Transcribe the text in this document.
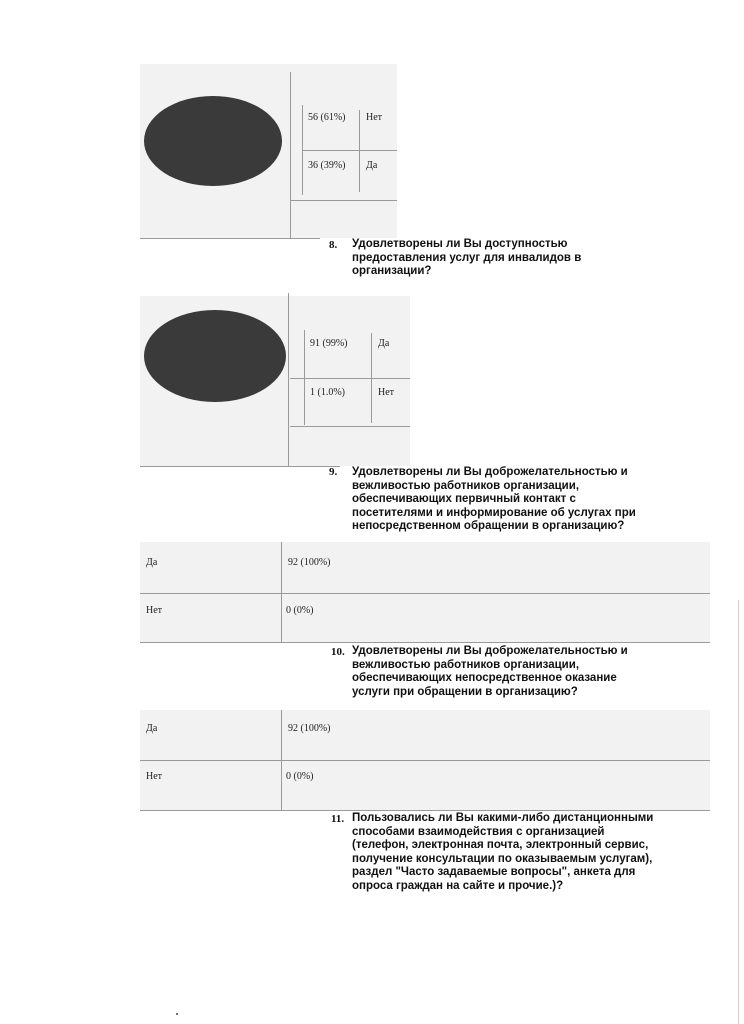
56 (61%) Нет
36 (39%) Да
8. Удовлетворены ли Вы доступностью
предоставления услуг для инвалидов в
организации?
91 (99%)	Да
1 (1.0%)	Нет
9. Удовлетворены ли Вы доброжелательностью и
вежливостью работников организации,
обеспечивающих первичный контакт с
посетителями и информирование об услугах при
непосредственном обращении в организацию?
Да	92 (100%)
Нет	0 (0%)
10. Удовлетворены ли Вы доброжелательностью и
вежливостью работников организации,
обеспечивающих непосредственное оказание
услуги при обращении в организацию?
Да	92 (100%)
Нет	0 (0%)
11. Пользовались ли Вы какими-либо дистанционными
способами взаимодействия с организацией
(телефон, электронная почта, электронный сервис,
получение консультации по оказываемым услугам),
раздел "Часто задаваемые вопросы", анкета для
опроса граждан на сайте и прочие.)?
